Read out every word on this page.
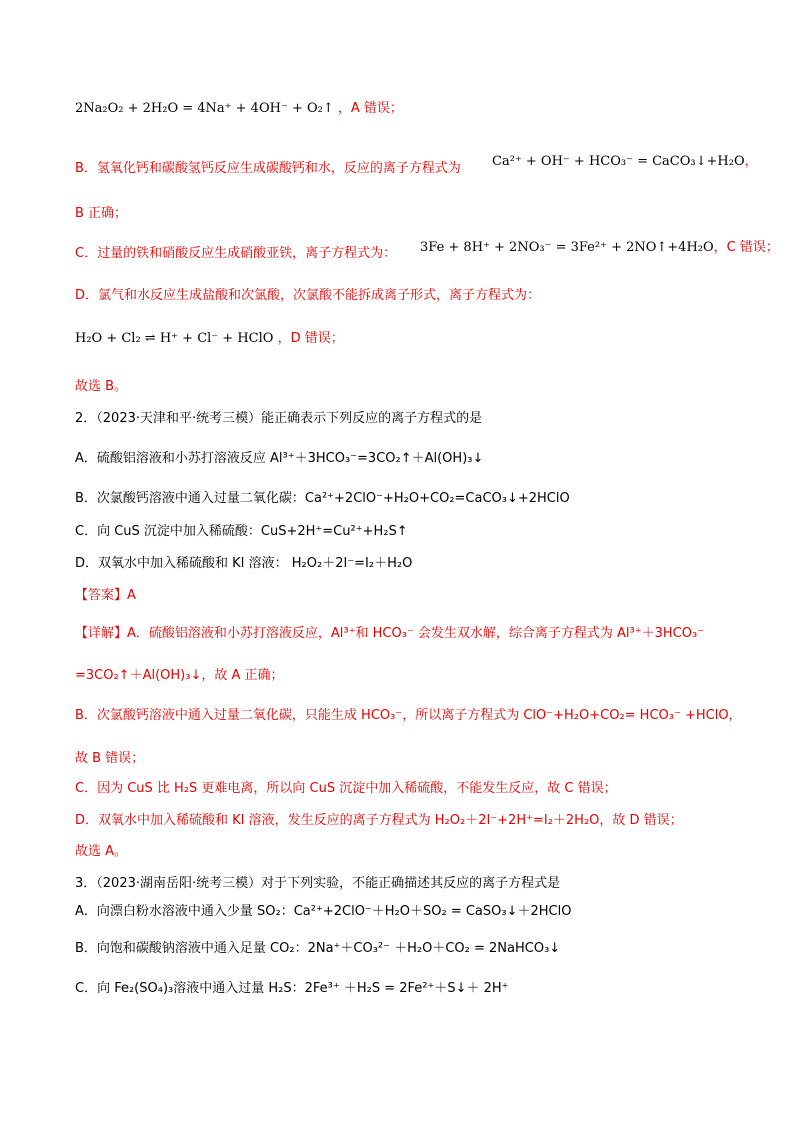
2Na₂O₂ + 2H₂O = 4Na⁺ + 4OH⁻ + O₂↑ ，A 错误；
B．氢氧化钙和碳酸氢钙反应生成碳酸钙和水，反应的离子方程式为 Ca²⁺ + OH⁻ + HCO₃⁻ = CaCO₃↓+H₂O，
B 正确；
C．过量的铁和硝酸反应生成硝酸亚铁，离子方程式为： 3Fe + 8H⁺ + 2NO₃⁻ = 3Fe²⁺ + 2NO↑+4H₂O，C 错误；
D．氯气和水反应生成盐酸和次氯酸，次氯酸不能拆成离子形式，离子方程式为：
H₂O + Cl₂ ⇌ H⁺ + Cl⁻ + HClO ，D 错误；
故选 B。
2．（2023·天津和平·统考三模）能正确表示下列反应的离子方程式的是
A．硫酸铝溶液和小苏打溶液反应 Al³⁺＋3HCO₃⁻=3CO₂↑＋Al(OH)₃↓
B．次氯酸钙溶液中通入过量二氧化碳：Ca²⁺+2ClO⁻+H₂O+CO₂=CaCO₃↓+2HClO
C．向 CuS 沉淀中加入稀硫酸：CuS+2H⁺=Cu²⁺+H₂S↑
D．双氧水中加入稀硫酸和 KI 溶液： H₂O₂＋2I⁻=I₂＋H₂O
【答案】A
【详解】A．硫酸铝溶液和小苏打溶液反应，Al³⁺和 HCO₃⁻ 会发生双水解，综合离子方程式为 Al³⁺＋3HCO₃⁻
=3CO₂↑＋Al(OH)₃↓，故 A 正确；
B．次氯酸钙溶液中通入过量二氧化碳，只能生成 HCO₃⁻，所以离子方程式为 ClO⁻+H₂O+CO₂= HCO₃⁻ +HClO，
故 B 错误；
C．因为 CuS 比 H₂S 更难电离，所以向 CuS 沉淀中加入稀硫酸，不能发生反应，故 C 错误；
D．双氧水中加入稀硫酸和 KI 溶液，发生反应的离子方程式为 H₂O₂＋2I⁻+2H⁺=I₂＋2H₂O，故 D 错误；
故选 A。
3．（2023·湖南岳阳·统考三模）对于下列实验，不能正确描述其反应的离子方程式是
A．向漂白粉水溶液中通入少量 SO₂：Ca²⁺+2ClO⁻＋H₂O＋SO₂ = CaSO₃↓＋2HClO
B．向饱和碳酸钠溶液中通入足量 CO₂：2Na⁺＋CO₃²⁻ ＋H₂O＋CO₂ = 2NaHCO₃↓
C．向 Fe₂(SO₄)₃溶液中通入过量 H₂S：2Fe³⁺ ＋H₂S = 2Fe²⁺＋S↓＋ 2H⁺
